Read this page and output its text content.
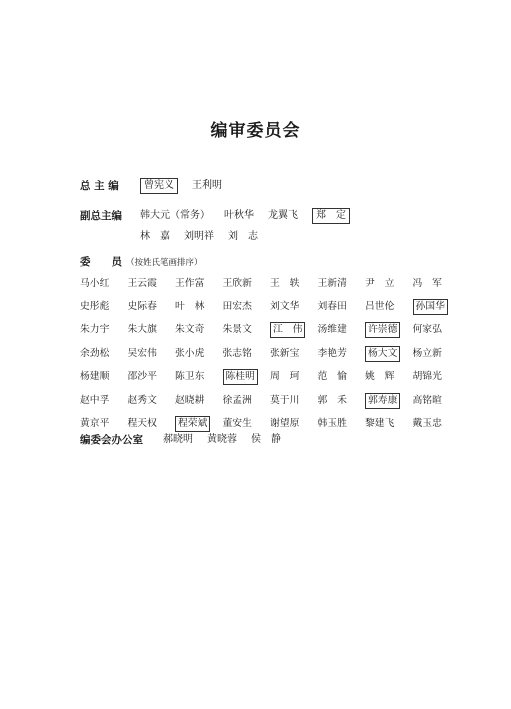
编审委员会
总 主 编	曾宪义 王利明
副总主编 韩大元（常务） 叶秋华 龙翼飞 郑　定
林　嘉 刘明祥 刘　志
委　　员 （按姓氏笔画排序）
马小红 王云霞 王作富 王欣新 王　轶 王新清 尹　立 冯　军
史彤彪 史际春 叶　林 田宏杰 刘文华 刘春田 吕世伦	孙国华
朱力宇 朱大旗 朱文奇 朱景文	江　伟	汤维建	许崇德	何家弘
余劲松 吴宏伟 张小虎 张志铭 张新宝 李艳芳	杨大文	杨立新
杨建顺 邵沙平 陈卫东	陈桂明	周　珂 范　愉 姚　辉 胡锦光
赵中孚 赵秀文 赵晓耕 徐孟洲 莫于川 郭　禾	郭寿康	高铭暄
黄京平 程天权	程荣斌	董安生 谢望原 韩玉胜 黎建飞 戴玉忠
编委会办公室 郝晓明 黄晓蓉 侯　静
